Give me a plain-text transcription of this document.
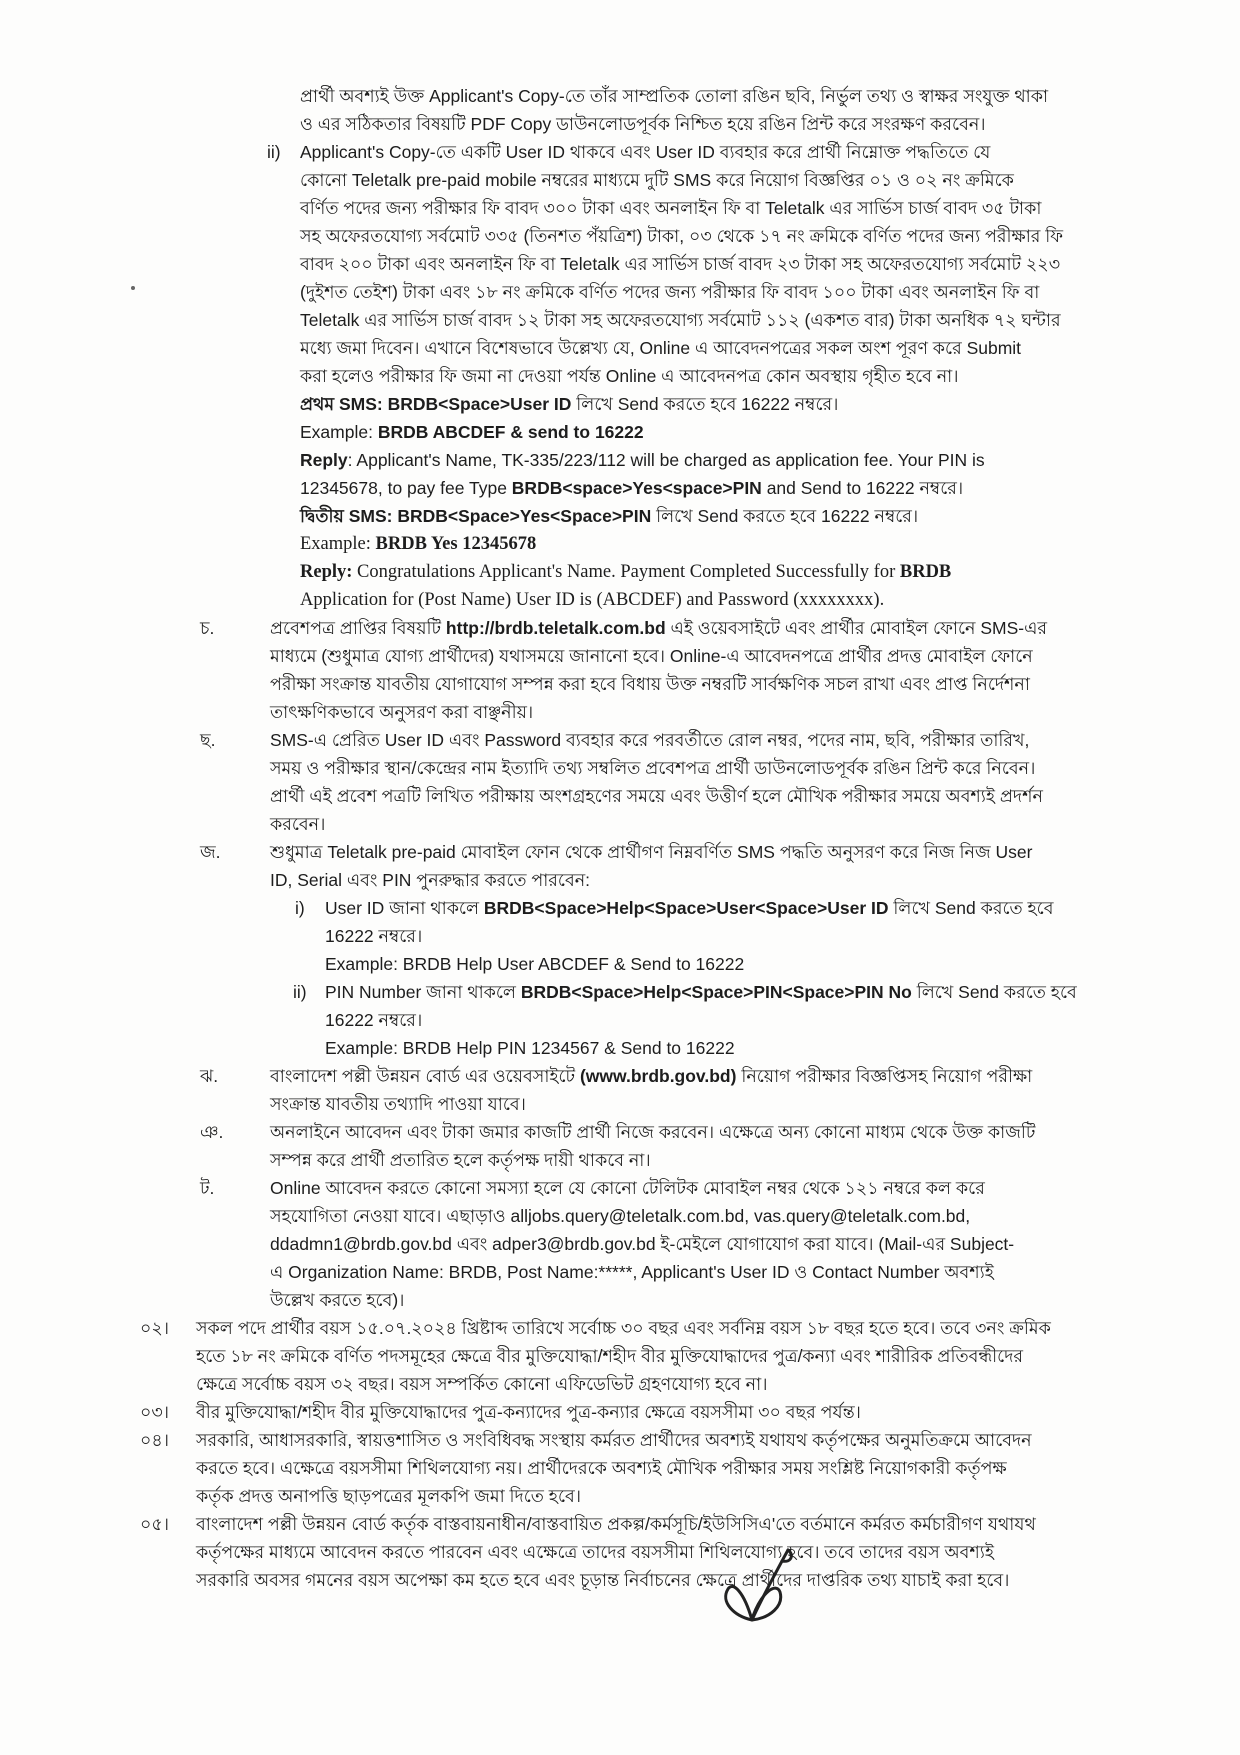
প্রার্থী অবশ্যই উক্ত Applicant's Copy-তে তাঁর সাম্প্রতিক তোলা রঙিন ছবি, নির্ভুল তথ্য ও স্বাক্ষর সংযুক্ত থাকা
ও এর সঠিকতার বিষয়টি PDF Copy ডাউনলোডপূর্বক নিশ্চিত হয়ে রঙিন প্রিন্ট করে সংরক্ষণ করবেন।
ii) Applicant's Copy-তে একটি User ID থাকবে এবং User ID ব্যবহার করে প্রার্থী নিম্নোক্ত পদ্ধতিতে যে
কোনো Teletalk pre-paid mobile নম্বরের মাধ্যমে দুটি SMS করে নিয়োগ বিজ্ঞপ্তির ০১ ও ০২ নং ক্রমিকে
বর্ণিত পদের জন্য পরীক্ষার ফি বাবদ ৩০০ টাকা এবং অনলাইন ফি বা Teletalk এর সার্ভিস চার্জ বাবদ ৩৫ টাকা
সহ অফেরতযোগ্য সর্বমোট ৩৩৫ (তিনশত পঁয়ত্রিশ) টাকা, ০৩ থেকে ১৭ নং ক্রমিকে বর্ণিত পদের জন্য পরীক্ষার ফি
বাবদ ২০০ টাকা এবং অনলাইন ফি বা Teletalk এর সার্ভিস চার্জ বাবদ ২৩ টাকা সহ অফেরতযোগ্য সর্বমোট ২২৩
(দুইশত তেইশ) টাকা এবং ১৮ নং ক্রমিকে বর্ণিত পদের জন্য পরীক্ষার ফি বাবদ ১০০ টাকা এবং অনলাইন ফি বা
Teletalk এর সার্ভিস চার্জ বাবদ ১২ টাকা সহ অফেরতযোগ্য সর্বমোট ১১২ (একশত বার) টাকা অনধিক ৭২ ঘন্টার
মধ্যে জমা দিবেন। এখানে বিশেষভাবে উল্লেখ্য যে, Online এ আবেদনপত্রের সকল অংশ পূরণ করে Submit
করা হলেও পরীক্ষার ফি জমা না দেওয়া পর্যন্ত Online এ আবেদনপত্র কোন অবস্থায় গৃহীত হবে না।
প্রথম SMS: BRDB<Space>User ID লিখে Send করতে হবে 16222 নম্বরে।
Example: BRDB ABCDEF & send to 16222
Reply: Applicant's Name, TK-335/223/112 will be charged as application fee. Your PIN is
12345678, to pay fee Type BRDB<space>Yes<space>PIN and Send to 16222 নম্বরে।
দ্বিতীয় SMS: BRDB<Space>Yes<Space>PIN লিখে Send করতে হবে 16222 নম্বরে।
Example: BRDB Yes 12345678
Reply: Congratulations Applicant's Name. Payment Completed Successfully for BRDB
Application for (Post Name) User ID is (ABCDEF) and Password (xxxxxxxx).
চ.	প্রবেশপত্র প্রাপ্তির বিষয়টি http://brdb.teletalk.com.bd এই ওয়েবসাইটে এবং প্রার্থীর মোবাইল ফোনে SMS-এর
মাধ্যমে (শুধুমাত্র যোগ্য প্রার্থীদের) যথাসময়ে জানানো হবে। Online-এ আবেদনপত্রে প্রার্থীর প্রদত্ত মোবাইল ফোনে
পরীক্ষা সংক্রান্ত যাবতীয় যোগাযোগ সম্পন্ন করা হবে বিধায় উক্ত নম্বরটি সার্বক্ষণিক সচল রাখা এবং প্রাপ্ত নির্দেশনা
তাৎক্ষণিকভাবে অনুসরণ করা বাঞ্ছনীয়।
ছ.	SMS-এ প্রেরিত User ID এবং Password ব্যবহার করে পরবর্তীতে রোল নম্বর, পদের নাম, ছবি, পরীক্ষার তারিখ,
সময় ও পরীক্ষার স্থান/কেন্দ্রের নাম ইত্যাদি তথ্য সম্বলিত প্রবেশপত্র প্রার্থী ডাউনলোডপূর্বক রঙিন প্রিন্ট করে নিবেন।
প্রার্থী এই প্রবেশ পত্রটি লিখিত পরীক্ষায় অংশগ্রহণের সময়ে এবং উত্তীর্ণ হলে মৌখিক পরীক্ষার সময়ে অবশ্যই প্রদর্শন
করবেন।
জ.	শুধুমাত্র Teletalk pre-paid মোবাইল ফোন থেকে প্রার্থীগণ নিম্নবর্ণিত SMS পদ্ধতি অনুসরণ করে নিজ নিজ User
ID, Serial এবং PIN পুনরুদ্ধার করতে পারবেন:
i) User ID জানা থাকলে BRDB<Space>Help<Space>User<Space>User ID লিখে Send করতে হবে
16222 নম্বরে।
Example: BRDB Help User ABCDEF & Send to 16222
ii) PIN Number জানা থাকলে BRDB<Space>Help<Space>PIN<Space>PIN No লিখে Send করতে হবে
16222 নম্বরে।
Example: BRDB Help PIN 1234567 & Send to 16222
ঝ.	বাংলাদেশ পল্লী উন্নয়ন বোর্ড এর ওয়েবসাইটে (www.brdb.gov.bd) নিয়োগ পরীক্ষার বিজ্ঞপ্তিসহ নিয়োগ পরীক্ষা
সংক্রান্ত যাবতীয় তথ্যাদি পাওয়া যাবে।
ঞ.	অনলাইনে আবেদন এবং টাকা জমার কাজটি প্রার্থী নিজে করবেন। এক্ষেত্রে অন্য কোনো মাধ্যম থেকে উক্ত কাজটি
সম্পন্ন করে প্রার্থী প্রতারিত হলে কর্তৃপক্ষ দায়ী থাকবে না।
ট.	Online আবেদন করতে কোনো সমস্যা হলে যে কোনো টেলিটক মোবাইল নম্বর থেকে ১২১ নম্বরে কল করে
সহযোগিতা নেওয়া যাবে। এছাড়াও alljobs.query@teletalk.com.bd, vas.query@teletalk.com.bd,
ddadmn1@brdb.gov.bd এবং adper3@brdb.gov.bd ই-মেইলে যোগাযোগ করা যাবে। (Mail-এর Subject-
এ Organization Name: BRDB, Post Name:*****, Applicant's User ID ও Contact Number অবশ্যই
উল্লেখ করতে হবে)।
০২। সকল পদে প্রার্থীর বয়স ১৫.০৭.২০২৪ খ্রিষ্টাব্দ তারিখে সর্বোচ্চ ৩০ বছর এবং সর্বনিম্ন বয়স ১৮ বছর হতে হবে। তবে ৩নং ক্রমিক
হতে ১৮ নং ক্রমিকে বর্ণিত পদসমূহের ক্ষেত্রে বীর মুক্তিযোদ্ধা/শহীদ বীর মুক্তিযোদ্ধাদের পুত্র/কন্যা এবং শারীরিক প্রতিবন্ধীদের
ক্ষেত্রে সর্বোচ্চ বয়স ৩২ বছর। বয়স সম্পর্কিত কোনো এফিডেভিট গ্রহণযোগ্য হবে না।
০৩। বীর মুক্তিযোদ্ধা/শহীদ বীর মুক্তিযোদ্ধাদের পুত্র-কন্যাদের পুত্র-কন্যার ক্ষেত্রে বয়সসীমা ৩০ বছর পর্যন্ত।
০৪। সরকারি, আধাসরকারি, স্বায়ত্তশাসিত ও সংবিধিবদ্ধ সংস্থায় কর্মরত প্রার্থীদের অবশ্যই যথাযথ কর্তৃপক্ষের অনুমতিক্রমে আবেদন
করতে হবে। এক্ষেত্রে বয়সসীমা শিথিলযোগ্য নয়। প্রার্থীদেরকে অবশ্যই মৌখিক পরীক্ষার সময় সংশ্লিষ্ট নিয়োগকারী কর্তৃপক্ষ
কর্তৃক প্রদত্ত অনাপত্তি ছাড়পত্রের মূলকপি জমা দিতে হবে।
০৫। বাংলাদেশ পল্লী উন্নয়ন বোর্ড কর্তৃক বাস্তবায়নাধীন/বাস্তবায়িত প্রকল্প/কর্মসূচি/ইউসিসিএ'তে বর্তমানে কর্মরত কর্মচারীগণ যথাযথ
কর্তৃপক্ষের মাধ্যমে আবেদন করতে পারবেন এবং এক্ষেত্রে তাদের বয়সসীমা শিথিলযোগ্য হবে। তবে তাদের বয়স অবশ্যই
সরকারি অবসর গমনের বয়স অপেক্ষা কম হতে হবে এবং চূড়ান্ত নির্বাচনের ক্ষেত্রে প্রার্থীদের দাপ্তরিক তথ্য যাচাই করা হবে।
